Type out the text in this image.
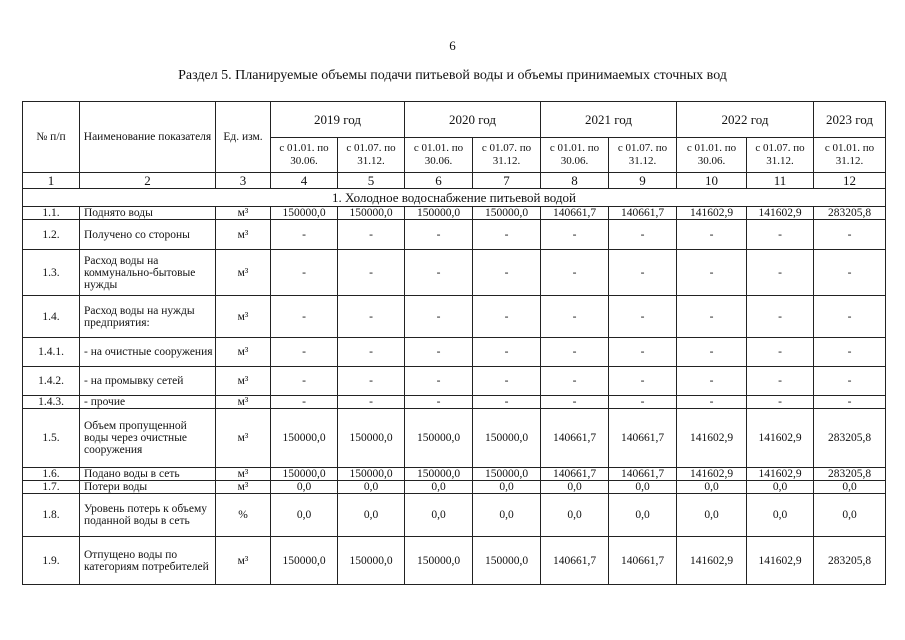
6
Раздел 5. Планируемые объемы подачи питьевой воды и объемы принимаемых сточных вод
№ п/п	Наименование показателя	Ед. изм.	2019 год		2020 год		2021 год		2022 год		2023 год
			с 01.01. по 30.06.	с 01.07. по 31.12.	с 01.01. по 30.06.	с 01.07. по 31.12.	с 01.01. по 30.06.	с 01.07. по 31.12.	с 01.01. по 30.06.	с 01.07. по 31.12.	с 01.01. по 31.12.
1	2	3	4	5	6	7	8	9	10	11	12
1. Холодное водоснабжение питьевой водой											
1.1.	Поднято воды	м³	150000,0	150000,0	150000,0	150000,0	140661,7	140661,7	141602,9	141602,9	283205,8
1.2.	Получено со стороны	м³	-	-	-	-	-	-	-	-	-
1.3.	Расход воды на коммунально-бытовые нужды	м³	-	-	-	-	-	-	-	-	-
1.4.	Расход воды на нужды предприятия:	м³	-	-	-	-	-	-	-	-	-
1.4.1.	- на очистные сооружения	м³	-	-	-	-	-	-	-	-	-
1.4.2.	- на промывку сетей	м³	-	-	-	-	-	-	-	-	-
1.4.3.	- прочие	м³	-	-	-	-	-	-	-	-	-
1.5.	Объем пропущенной воды через очистные сооружения	м³	150000,0	150000,0	150000,0	150000,0	140661,7	140661,7	141602,9	141602,9	283205,8
1.6.	Подано воды в сеть	м³	150000,0	150000,0	150000,0	150000,0	140661,7	140661,7	141602,9	141602,9	283205,8
1.7.	Потери воды	м³	0,0	0,0	0,0	0,0	0,0	0,0	0,0	0,0	0,0
1.8.	Уровень потерь к объему поданной воды в сеть	%	0,0	0,0	0,0	0,0	0,0	0,0	0,0	0,0	0,0
1.9.	Отпущено воды по категориям потребителей	м³	150000,0	150000,0	150000,0	150000,0	140661,7	140661,7	141602,9	141602,9	283205,8
